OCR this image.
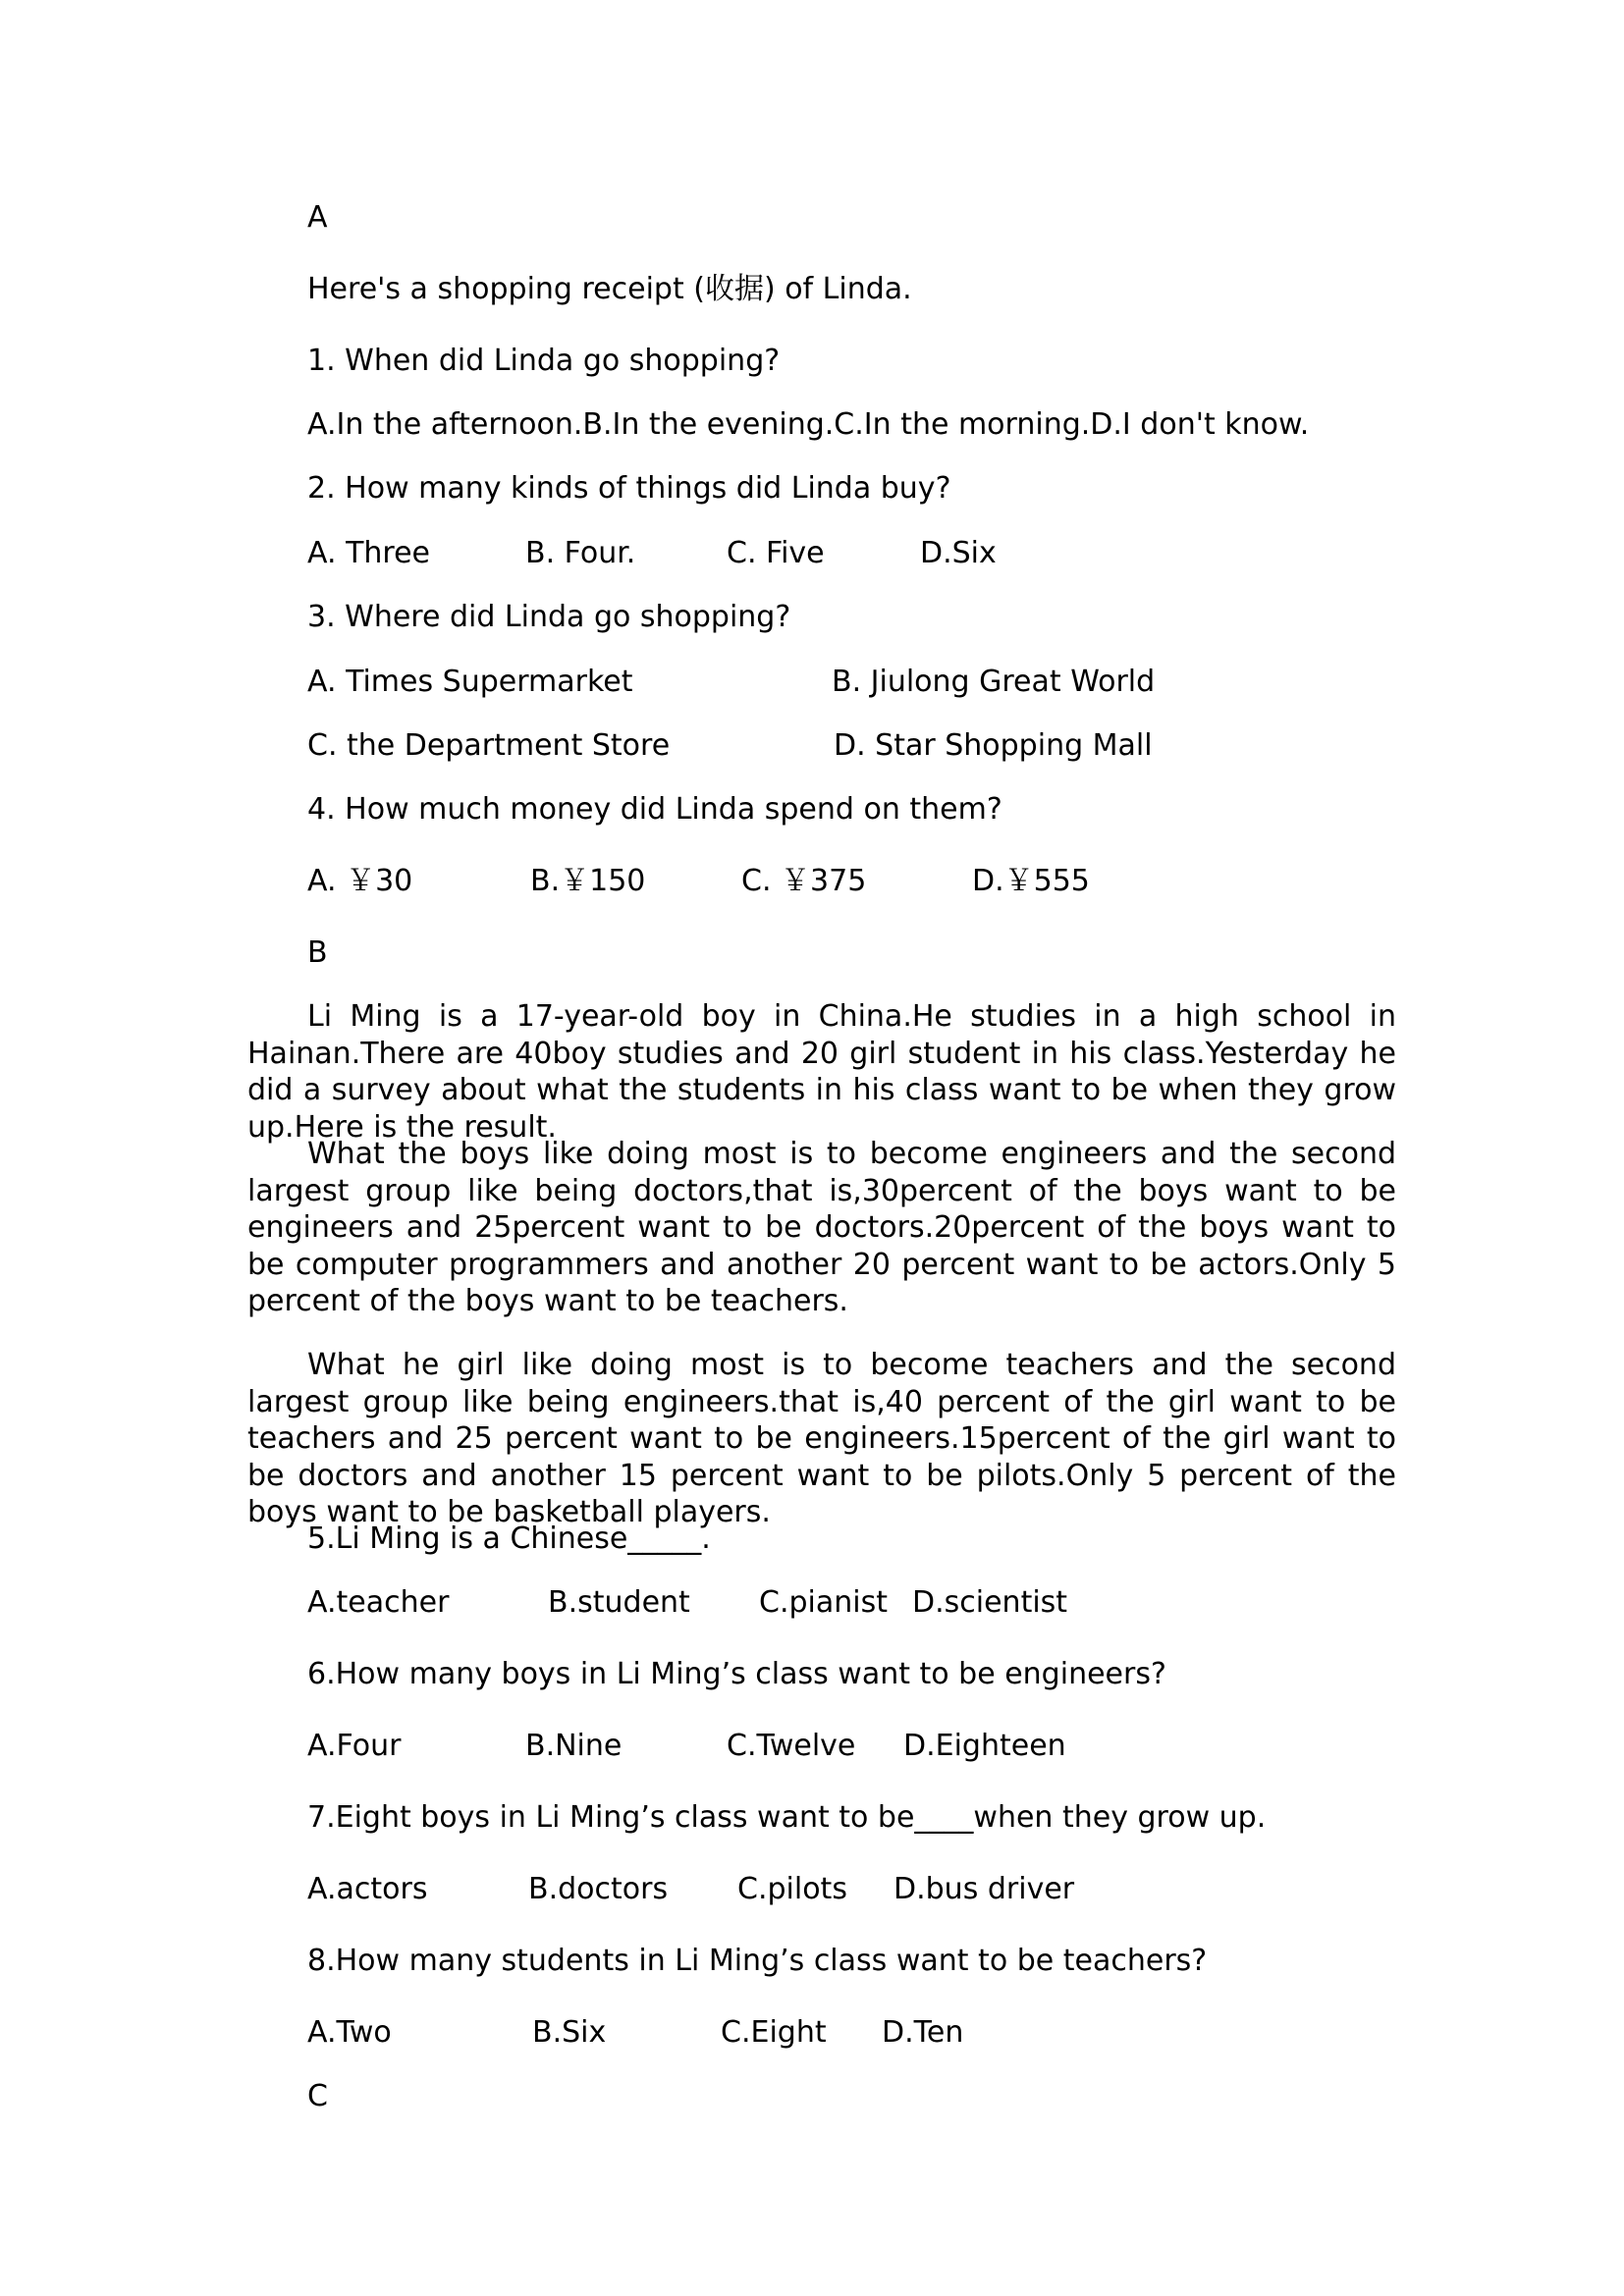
A
Here's a shopping receipt (收据) of Linda.
1. When did Linda go shopping?
A.In the afternoon.B.In the evening.C.In the morning.D.I don't know.
2. How many kinds of things did Linda buy?
A. Three	B. Four.	C. Five	D.Six
3. Where did Linda go shopping?
A. Times Supermarket	B. Jiulong Great World
C. the Department Store	D. Star Shopping Mall
4. How much money did Linda spend on them?
A. ￥30	B.￥150	C. ￥375	D.￥555
B
Li Ming is a 17-year-old boy in China.He studies in a high school in Hainan.There are 40boy studies and 20 girl student in his class.Yesterday he did a survey about what the students in his class want to be when they grow up.Here is the result.
What the boys like doing most is to become engineers and the second largest group like being doctors,that is,30percent of the boys want to be engineers and 25percent want to be doctors.20percent of the boys want to be computer programmers and another 20 percent want to be actors.Only 5 percent of the boys want to be teachers.
What he girl like doing most is to become teachers and the second largest group like being engineers.that is,40 percent of the girl want to be teachers and 25 percent want to be engineers.15percent of the girl want to be doctors and another 15 percent want to be pilots.Only 5 percent of the boys want to be basketball players.
5.Li Ming is a Chinese_____.
A.teacher	B.student C.pianist D.scientist
6.How many boys in Li Ming’s class want to be engineers?
A.Four	B.Nine	C.Twelve D.Eighteen
7.Eight boys in Li Ming’s class want to be____when they grow up.
A.actors	B.doctors C.pilots D.bus driver
8.How many students in Li Ming’s class want to be teachers?
A.Two	B.Six	C.Eight D.Ten
C
